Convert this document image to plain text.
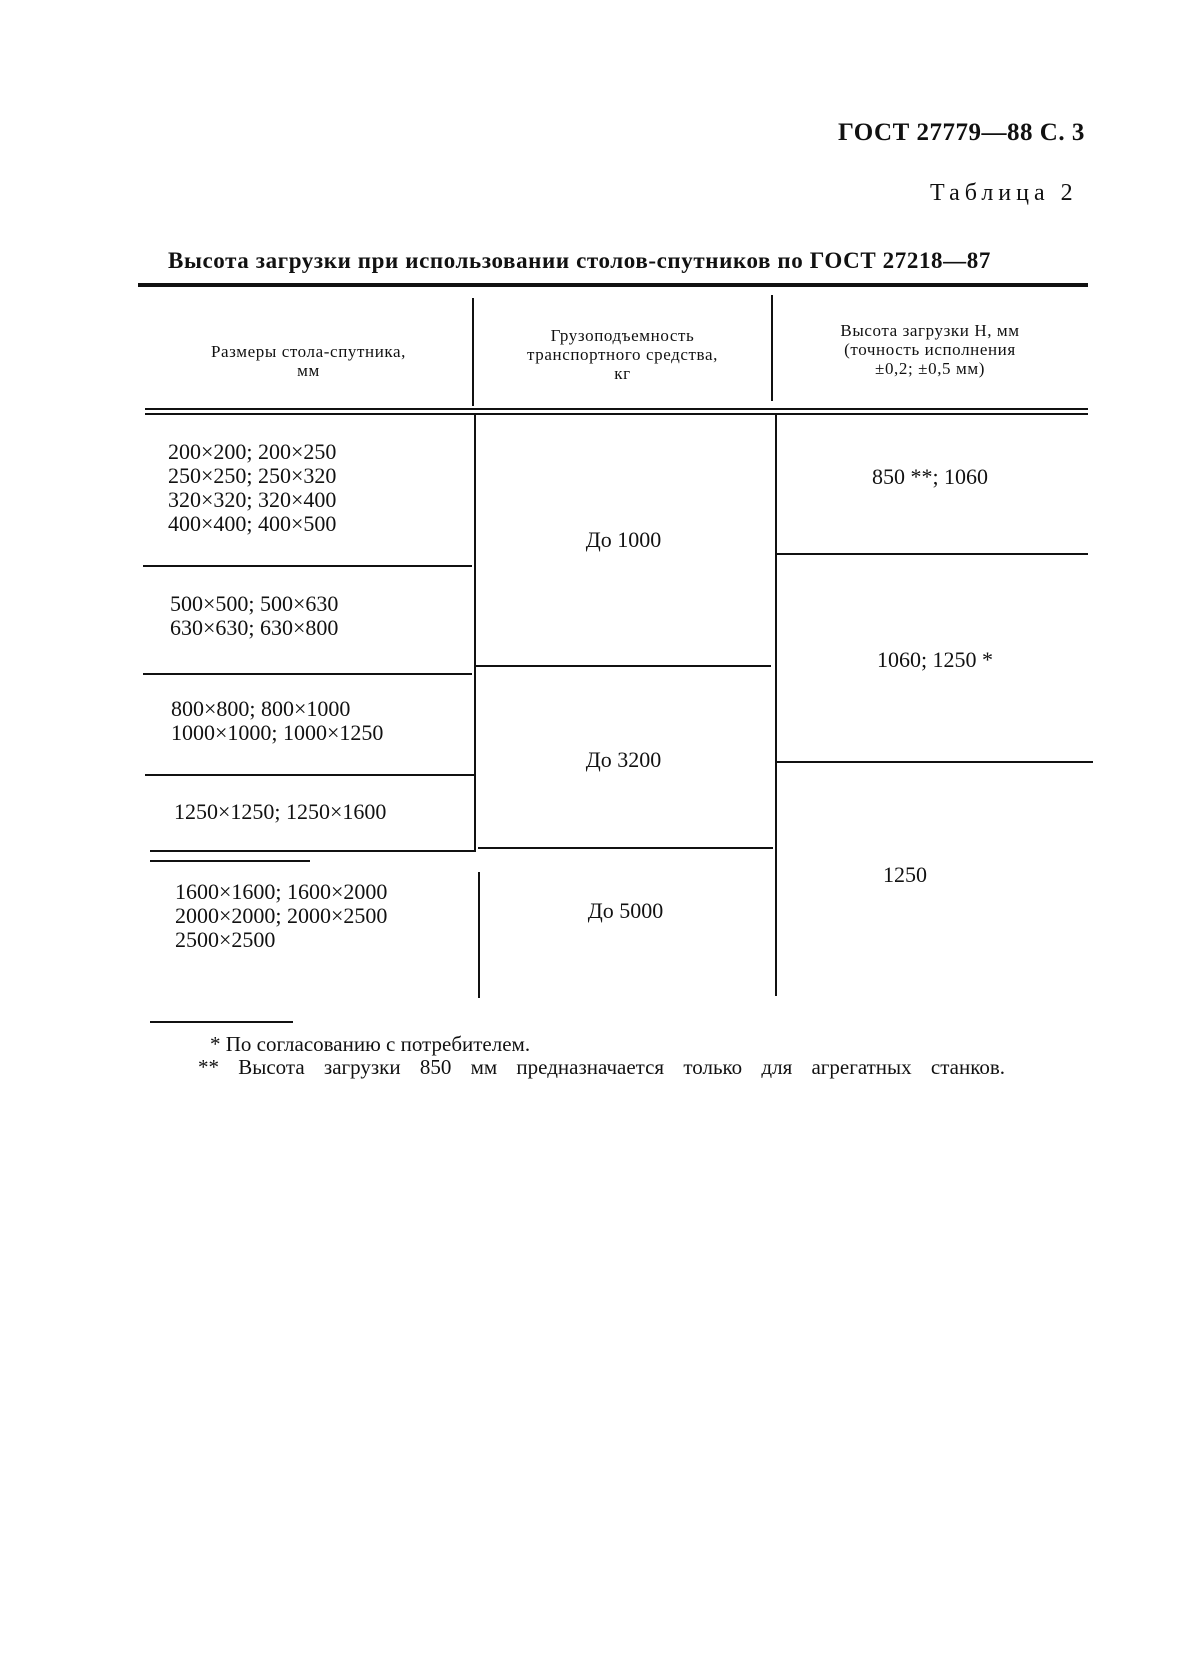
ГОСТ 27779—88 С. 3
Таблица 2
Высота загрузки при использовании столов-спутников по ГОСТ 27218—87
Размеры стола-спутника,
мм
Грузоподъемность
транспортного средства,
кг
Высота загрузки H, мм
(точность исполнения
±0,2; ±0,5 мм)
200×200; 200×250
250×250; 250×320
320×320; 320×400
400×400; 400×500
500×500; 500×630
630×630; 630×800
800×800; 800×1000
1000×1000; 1000×1250
1250×1250; 1250×1600
1600×1600; 1600×2000
2000×2000; 2000×2500
2500×2500
До 1000
До 3200
До 5000
850 **; 1060
1060; 1250 *
1250
* По согласованию с потребителем.
** Высота загрузки 850 мм предназначается только для агрегатных станков.
